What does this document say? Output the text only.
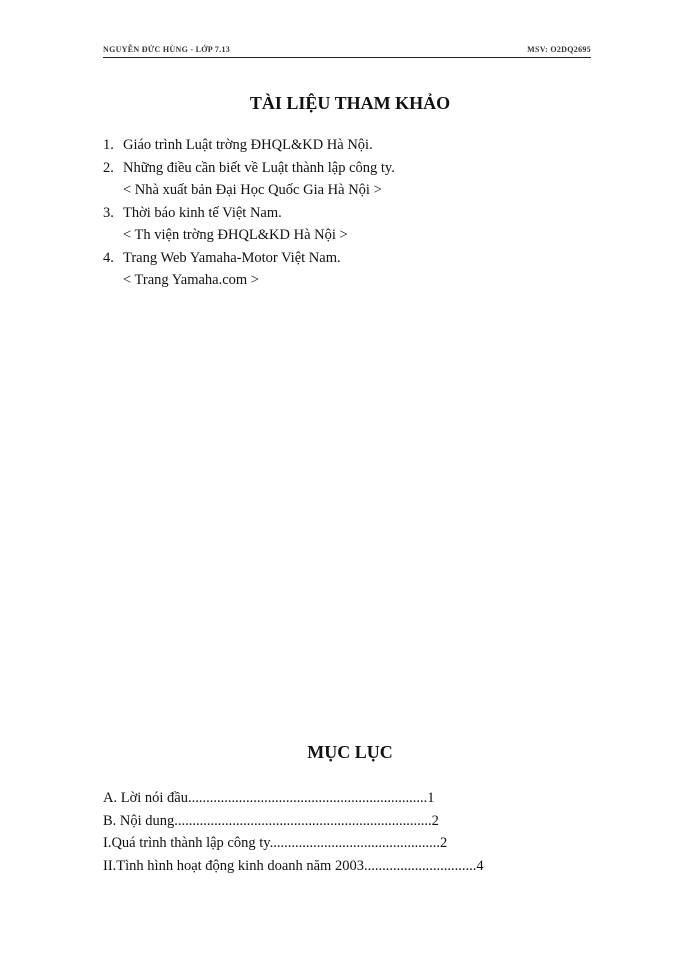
NGUYỄN ĐỨC HÙNG - LỚP 7.13	MSV: O2DQ2695
TÀI LIỆU THAM KHẢO
1. Giáo trình Luật trờng ĐHQL&KD Hà Nội.
2. Những điều cần biết về Luật thành lập công ty.
< Nhà xuất bản Đại Học Quốc Gia Hà Nội >
3. Thời báo kinh tế Việt Nam.
< Th viện trờng ĐHQL&KD Hà Nội >
4. Trang Web Yamaha-Motor Việt Nam.
< Trang Yamaha.com >
MỤC LỤC
A. Lời nói đầu..................................................................1
B. Nội dung.......................................................................2
I.Quá trình thành lập công ty...............................................2
II.Tình hình hoạt động kinh doanh năm 2003...............................4
